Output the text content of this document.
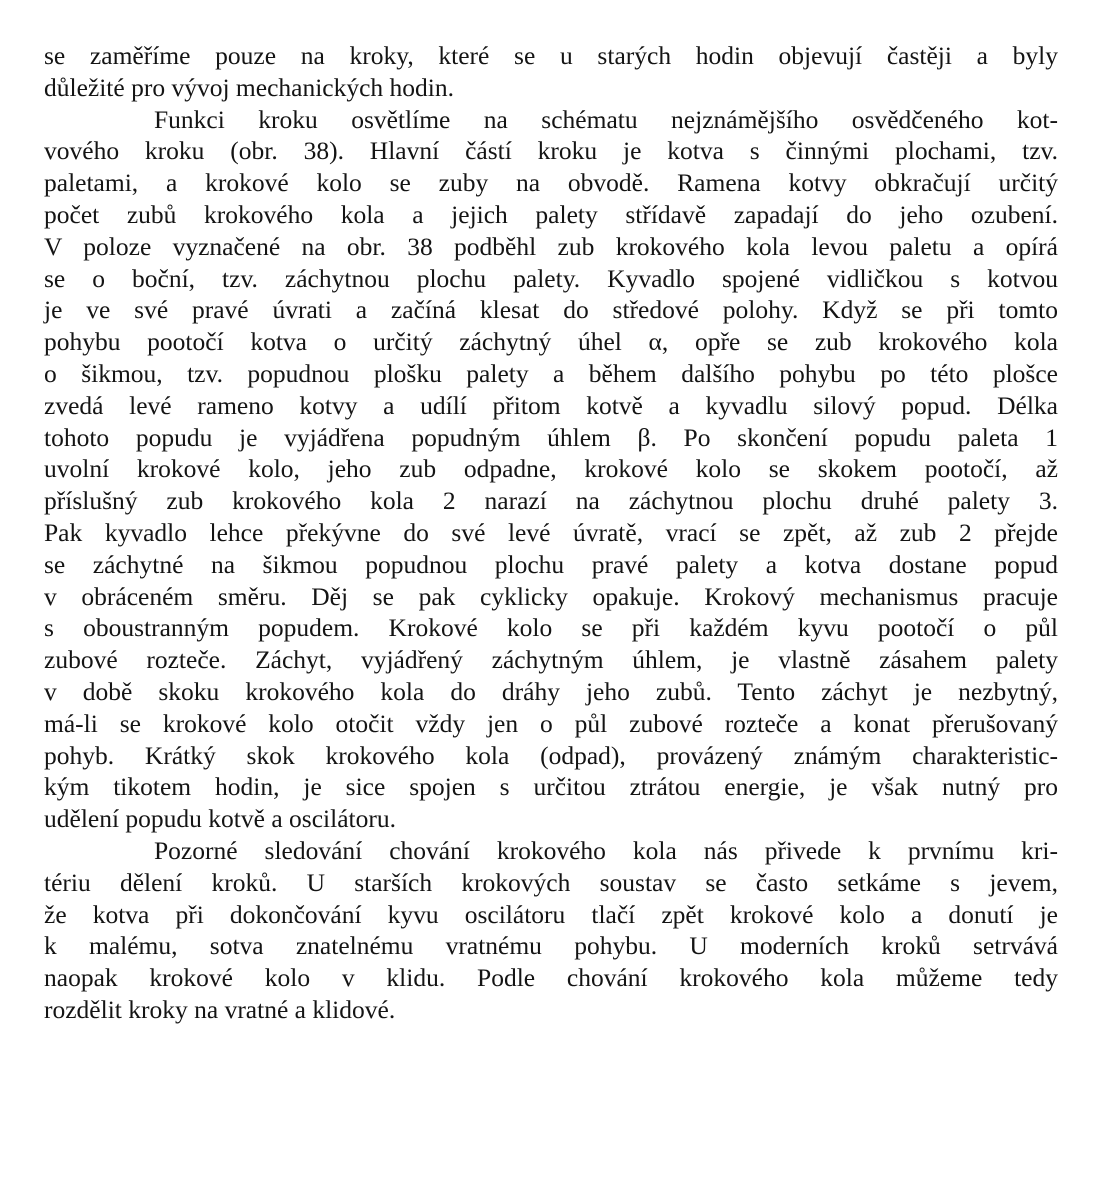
se zaměříme pouze na kroky, které se u starých hodin objevují častěji a byly
důležité pro vývoj mechanických hodin.
Funkci kroku osvětlíme na schématu nejznámějšího osvědčeného kot-
vového kroku (obr. 38). Hlavní částí kroku je kotva s činnými plochami, tzv.
paletami, a krokové kolo se zuby na obvodě. Ramena kotvy obkračují určitý
počet zubů krokového kola a jejich palety střídavě zapadají do jeho ozubení.
V poloze vyznačené na obr. 38 podběhl zub krokového kola levou paletu a opírá
se o boční, tzv. záchytnou plochu palety. Kyvadlo spojené vidličkou s kotvou
je ve své pravé úvrati a začíná klesat do středové polohy. Když se při tomto
pohybu pootočí kotva o určitý záchytný úhel α, opře se zub krokového kola
o šikmou, tzv. popudnou plošku palety a během dalšího pohybu po této plošce
zvedá levé rameno kotvy a udílí přitom kotvě a kyvadlu silový popud. Délka
tohoto popudu je vyjádřena popudným úhlem β. Po skončení popudu paleta 1
uvolní krokové kolo, jeho zub odpadne, krokové kolo se skokem pootočí, až
příslušný zub krokového kola 2 narazí na záchytnou plochu druhé palety 3.
Pak kyvadlo lehce překývne do své levé úvratě, vrací se zpět, až zub 2 přejde
se záchytné na šikmou popudnou plochu pravé palety a kotva dostane popud
v obráceném směru. Děj se pak cyklicky opakuje. Krokový mechanismus pracuje
s oboustranným popudem. Krokové kolo se při každém kyvu pootočí o půl
zubové rozteče. Záchyt, vyjádřený záchytným úhlem, je vlastně zásahem palety
v době skoku krokového kola do dráhy jeho zubů. Tento záchyt je nezbytný,
má-li se krokové kolo otočit vždy jen o půl zubové rozteče a konat přerušovaný
pohyb. Krátký skok krokového kola (odpad), provázený známým charakteristic-
kým tikotem hodin, je sice spojen s určitou ztrátou energie, je však nutný pro
udělení popudu kotvě a oscilátoru.
Pozorné sledování chování krokového kola nás přivede k prvnímu kri-
tériu dělení kroků. U starších krokových soustav se často setkáme s jevem,
že kotva při dokončování kyvu oscilátoru tlačí zpět krokové kolo a donutí je
k malému, sotva znatelnému vratnému pohybu. U moderních kroků setrvává
naopak krokové kolo v klidu. Podle chování krokového kola můžeme tedy
rozdělit kroky na vratné a klidové.
